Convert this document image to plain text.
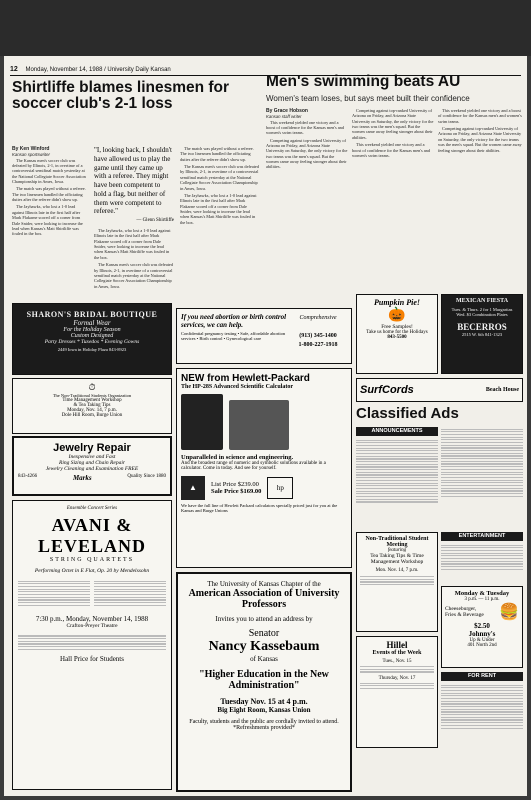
12 Monday, November 14, 1988 / University Daily Kansan
Shirtliffe blames linesmen for soccer club's 2-1 loss
By Ken Winford
Kansan sportswriter

The Kansas men's soccer club was defeated by Illinois, 2-1, in overtime of a controversial semifinal match yesterday at the National Collegiate Soccer Association Championship in Ames, Iowa.

The match was played without a referee. The two linesmen handled the officiating duties after the referee didn't show up.

The Jayhawks, who lost a 1-0 lead against Illinois late in the first half after Mark Flakarne scored off a corner from Dale Snider, were looking to increase the lead when Kansas's Matt Shirtliffe was fouled in the box.

"I, looking back, I shouldn't have allowed us to play the game until they came up with a referee. They might have been competent to hold a flag, but neither of them were competent to referee."
— Glenn Shirtliffe

The Jayhawks, who lost a 1-0 lead against Illinois late in the first half after Mark Flakarne scored off a corner from Dale Snider, were looking to increase the lead when Kansas's Matt Shirtliffe was fouled in the box.

The Kansas men's soccer club was defeated by Illinois, 2-1, in overtime of a controversial semifinal match yesterday at the National Collegiate Soccer Association Championship in Ames, Iowa.

The match was played without a referee. The two linesmen handled the officiating duties after the referee didn't show up.

The Kansas men's soccer club was defeated by Illinois, 2-1, in overtime of a controversial semifinal match yesterday at the National Collegiate Soccer Association Championship in Ames, Iowa.

The Jayhawks, who lost a 1-0 lead against Illinois late in the first half after Mark Flakarne scored off a corner from Dale Snider, were looking to increase the lead when Kansas's Matt Shirtliffe was fouled in the box.

Men's swimming beats AU
Women's team loses, but says meet built their confidence
By Grace Hobson
Kansan staff writer

This weekend yielded one victory and a boost of confidence for the Kansas men's and women's swim teams.

Competing against top-ranked University of Arizona on Friday, and Arizona State University on Saturday, the only victory for the two teams was the men's squad. But the women came away feeling stronger about their abilities.

Competing against top-ranked University of Arizona on Friday, and Arizona State University on Saturday, the only victory for the two teams was the men's squad. But the women came away feeling stronger about their abilities.

This weekend yielded one victory and a boost of confidence for the Kansas men's and women's swim teams.

This weekend yielded one victory and a boost of confidence for the Kansas men's and women's swim teams.

Competing against top-ranked University of Arizona on Friday, and Arizona State University on Saturday, the only victory for the two teams was the men's squad. But the women came away feeling stronger about their abilities.

SHARON'S BRIDAL BOUTIQUE
Formal Wear
For the Holiday Season
Custom Designed
Party Dresses * Tuxedos * Evening Gowns
2449 Iowa in Holiday Plaza 843-8923
⏱
The Non-Traditional Students Organization
Time Management Workshop
& Tea Taking Tips
Monday, Nov. 14, 7 p.m.
Dole Hill Room, Burge Union
Jewelry Repair
Inexpensive and Fast
Ring Sizing and Chain Repair
Jewelry Cleaning and Examination FREE
843-4266	Marks	Quality Since 1880
Ensemble Concert Series
AVANI &
LEVELAND
STRING QUARTETS
Performing Octet in E Flat, Op. 20 by Mendelssohn
7:30 p.m., Monday, November 14, 1988
Crafton-Preyer Theatre
Hall Price for Students
If you need abortion or birth control services, we can help.
Confidential pregnancy testing • Safe, affordable abortion services • Birth control • Gynecological care
Comprehensive
(913) 345-1400
1-800-227-1918
NEW from Hewlett-Packard
The HP-28S Advanced Scientific Calculator
Unparalleled in science and engineering.
And the broadest range of numeric and symbolic solutions available in a calculator. Come in today. And see for yourself.
▲	List Price $239.00
Sale Price $169.00	hp
We have the full line of Hewlett Packard calculators specially priced just for you at the Kansas and Burge Unions
The University of Kansas Chapter of the
American Association of University Professors
Invites you to attend an address by
Senator
Nancy Kassebaum
of Kansas
"Higher Education in the New Administration"
Tuesday Nov. 15 at 4 p.m.
Big Eight Room, Kansas Union
Faculty, students and the public are cordially invited to attend. *Refreshments provided*
Pumpkin Pie!
🎃
Free Samples!
Take us home for the Holidays
843-5500
MEXICAN FIESTA
Tues. & Thurs. 2 for 1 Margaritas
Wed. $3 Combination Plates
BECERROS
2515 W. 6th 841-1323
SurfCords	Beach House
Classified Ads
ANNOUNCEMENTS
Non-Traditional Student Meeting
featuring
Tea Taking Tips & Time Management Workshop
Mon. Nov. 14, 7 p.m.
Hillel
Events of the Week
Tues., Nov. 15
Thursday, Nov. 17
ENTERTAINMENT
Monday & Tuesday
3 p.m. — 11 p.m.
Cheeseburger, Fries & Beverage 🍔
$2.50
Johnny's
Up & Under
401 North 2nd
FOR RENT
